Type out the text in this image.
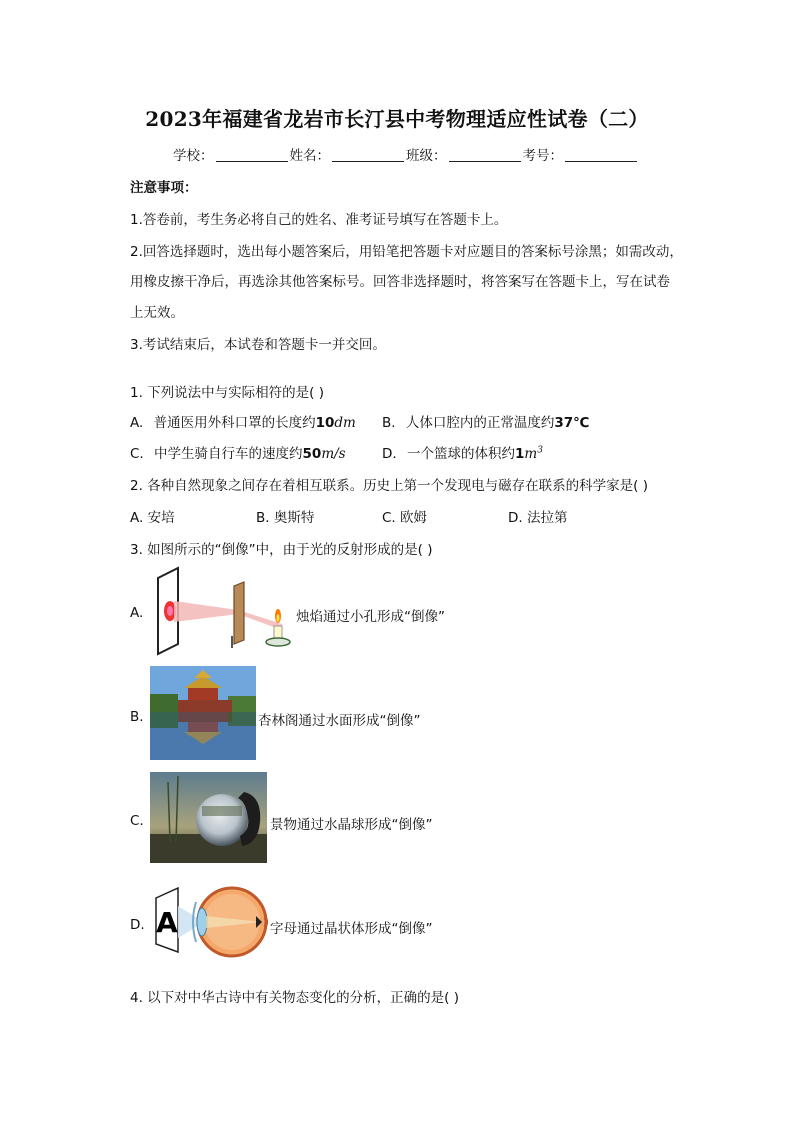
2023年福建省龙岩市长汀县中考物理适应性试卷（二）
学校：	姓名：	班级：	考号：
注意事项：
1.答卷前，考生务必将自己的姓名、准考证号填写在答题卡上。
2.回答选择题时，选出每小题答案后，用铅笔把答题卡对应题目的答案标号涂黑；如需改动，
用橡皮擦干净后，再选涂其他答案标号。回答非选择题时，将答案写在答题卡上，写在试卷
上无效。
3.考试结束后，本试卷和答题卡一并交回。
1. 下列说法中与实际相符的是( )
A. 普通医用外科口罩的长度约10dm B. 人体口腔内的正常温度约37℃
C. 中学生骑自行车的速度约50m/s	D. 一个篮球的体积约$1m^3$
2. 各种自然现象之间存在着相互联系。历史上第一个发现电与磁存在联系的科学家是( )
A. 安培	B. 奥斯特	C. 欧姆	D. 法拉第
3. 如图所示的“倒像”中，由于光的反射形成的是( )
A.	烛焰通过小孔形成“倒像”
B.	杏林阁通过水面形成“倒像”
C.	景物通过水晶球形成“倒像”
D. A	字母通过晶状体形成“倒像”
4. 以下对中华古诗中有关物态变化的分析，正确的是( )
